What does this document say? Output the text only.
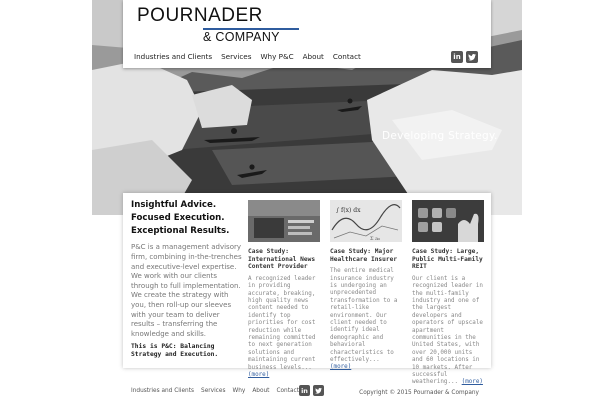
Developing Strategy.
POURNADER
& COMPANY
Industries and Clients Services Why P&C About Contact	in
Insightful Advice.
Focused Execution.
Exceptional Results.

P&C is a management advisory firm, combining in-the-trenches and executive-level expertise. We work with our clients through to full implementation. We create the strategy with you, then roll-up our sleeves with your team to deliver results – transferring the knowledge and skills.

This is P&C: Balancing Strategy and Execution.

Case Study: International News Content Provider
A recognized leader in providing accurate, breaking, high quality news content needed to identify top priorities for cost reduction while remaining committed to next generation solutions and maintaining current business levels... (more)
∫ f(x) dx
Σ a₀
Case Study: Major Healthcare Insurer
The entire medical insurance industry is undergoing an unprecedented transformation to a retail-like environment. Our client needed to identify ideal demographic and behavioral characteristics to effectively... (more)
Case Study: Large, Public Multi-Family REIT
Our client is a recognized leader in the multi-family industry and one of the largest developers and operators of upscale apartment communities in the United States, with over 20,000 units and 60 locations in 10 markets. After successful weathering... (more)
Industries and Clients Services Why About Contact in	Copyright © 2015 Pournader & Company
